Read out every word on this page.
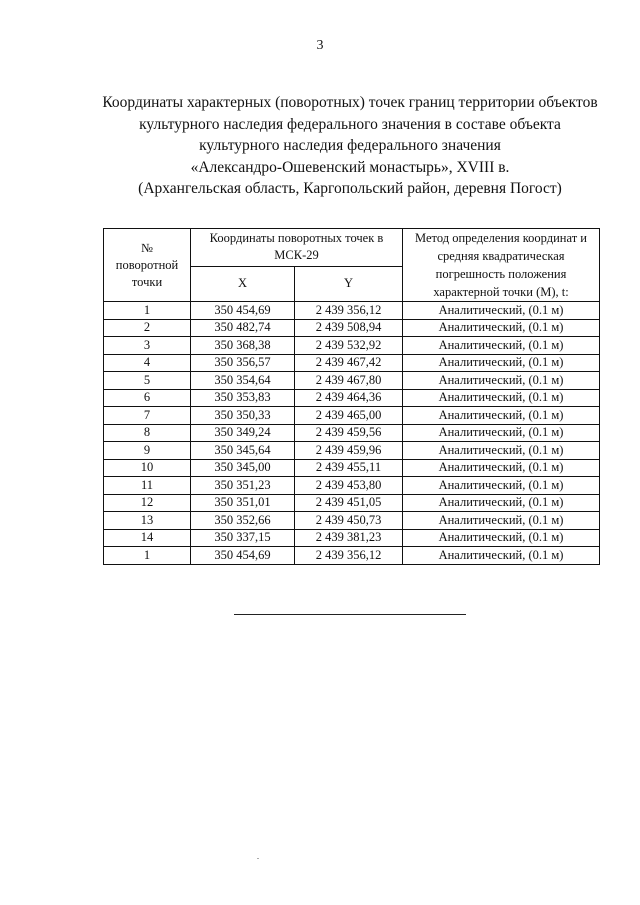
3
Координаты характерных (поворотных) точек границ территории объектов
культурного наследия федерального значения в составе объекта
культурного наследия федерального значения
«Александро-Ошевенский монастырь», XVIII в.
(Архангельская область, Каргопольский район, деревня Погост)
№ поворотной точки	Координаты поворотных точек в МСК-29		Метод определения координат и средняя квадратическая погрешность положения характерной точки (М), t:
	X	Y	
1	350 454,69	2 439 356,12	Аналитический, (0.1 м)
2	350 482,74	2 439 508,94	Аналитический, (0.1 м)
3	350 368,38	2 439 532,92	Аналитический, (0.1 м)
4	350 356,57	2 439 467,42	Аналитический, (0.1 м)
5	350 354,64	2 439 467,80	Аналитический, (0.1 м)
6	350 353,83	2 439 464,36	Аналитический, (0.1 м)
7	350 350,33	2 439 465,00	Аналитический, (0.1 м)
8	350 349,24	2 439 459,56	Аналитический, (0.1 м)
9	350 345,64	2 439 459,96	Аналитический, (0.1 м)
10	350 345,00	2 439 455,11	Аналитический, (0.1 м)
11	350 351,23	2 439 453,80	Аналитический, (0.1 м)
12	350 351,01	2 439 451,05	Аналитический, (0.1 м)
13	350 352,66	2 439 450,73	Аналитический, (0.1 м)
14	350 337,15	2 439 381,23	Аналитический, (0.1 м)
1	350 454,69	2 439 356,12	Аналитический, (0.1 м)
